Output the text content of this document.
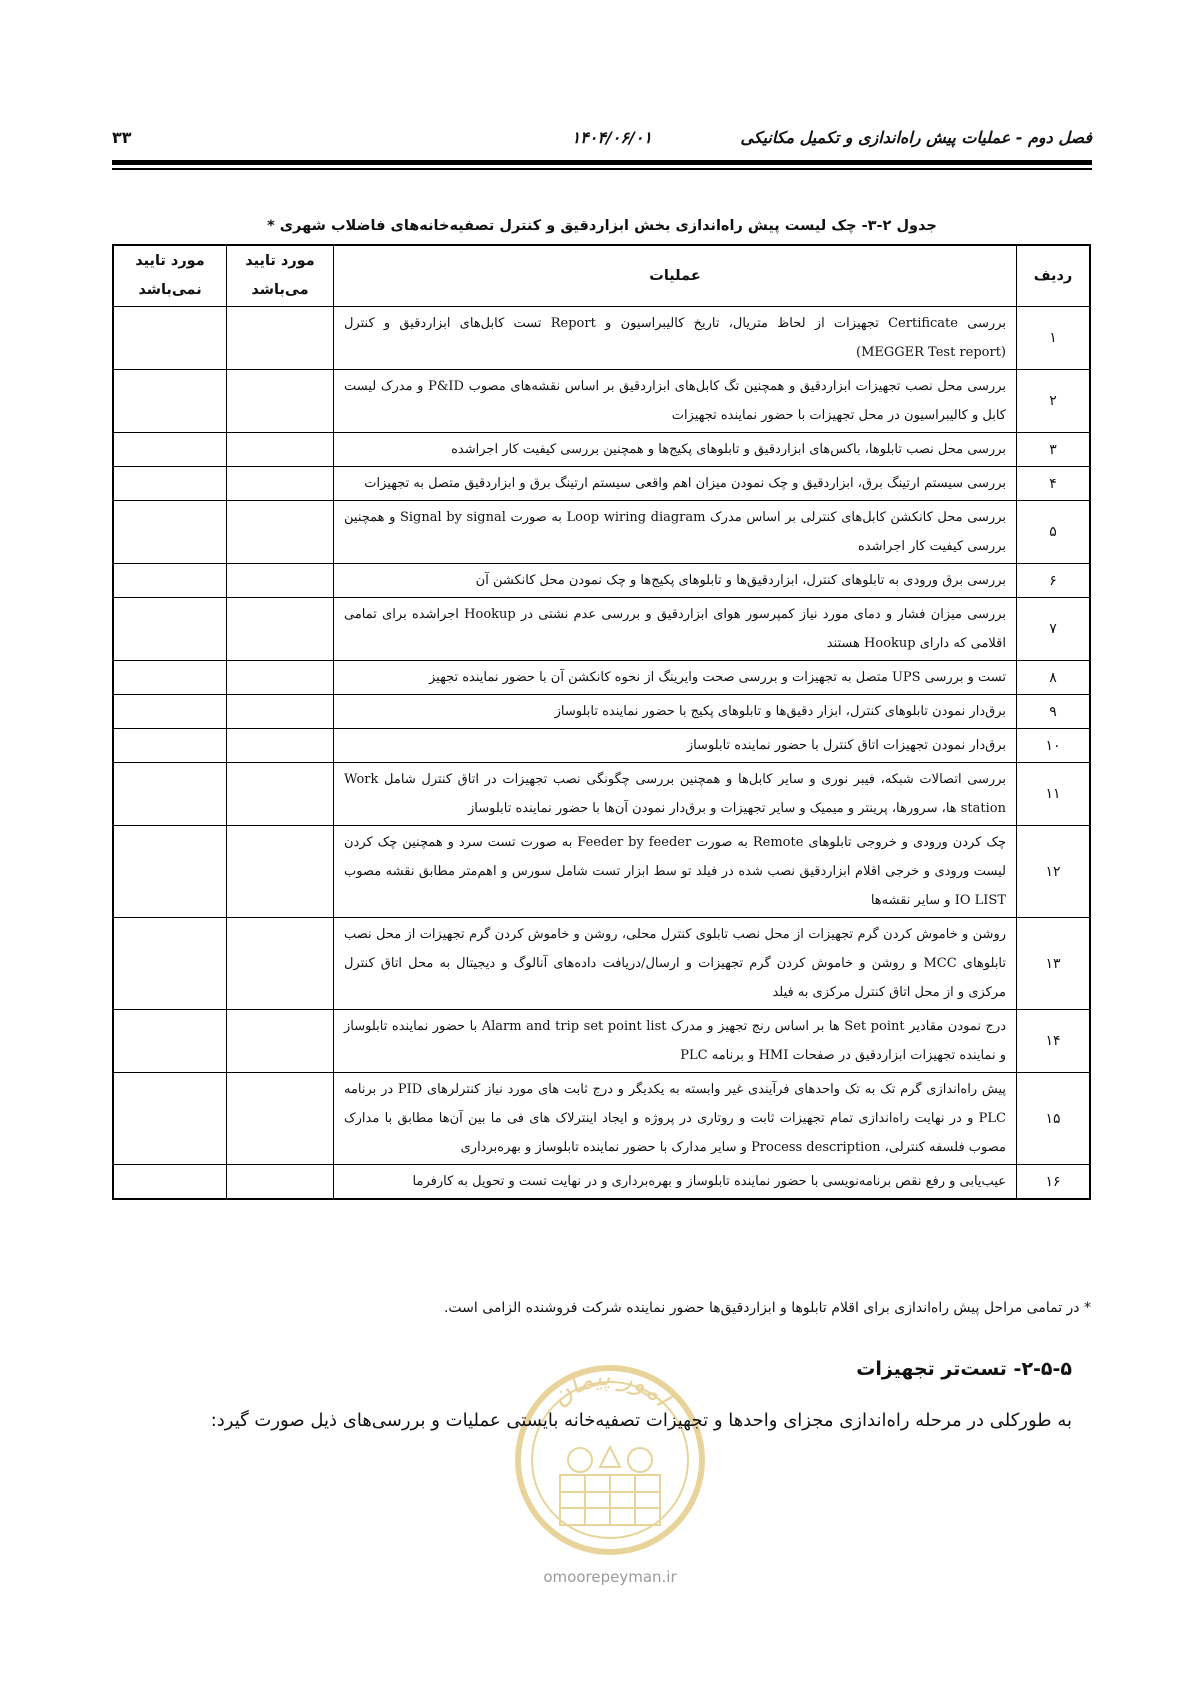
فصل دوم - عملیات پیش راه‌اندازی و تکمیل مکانیکی
۱۴۰۴/۰۶/۰۱
۳۳
جدول ۲-۳- چک لیست پیش راه‌اندازی بخش ابزاردقیق و کنترل تصفیه‌خانه‌های فاضلاب شهری *
ردیف	عملیات	مورد تایید می‌باشد	مورد تایید نمی‌باشد
۱	بررسی Certificate تجهیزات از لحاظ متریال، تاریخ کالیبراسیون و Report تست کابل‌های ابزاردقیق و کنترل (MEGGER Test report)		
۲	بررسی محل نصب تجهیزات ابزاردقیق و همچنین تگ کابل‌های ابزاردقیق بر اساس نقشه‌های مصوب P&ID و مدرک لیست کابل و کالیبراسیون در محل تجهیزات با حضور نماینده تجهیزات		
۳	بررسی محل نصب تابلوها، باکس‌های ابزاردقیق و تابلوهای پکیج‌ها و همچنین بررسی کیفیت کار اجراشده		
۴	بررسی سیستم ارتینگ برق، ابزاردقیق و چک نمودن میزان اهم واقعی سیستم ارتینگ برق و ابزاردقیق متصل به تجهیزات		
۵	بررسی محل کانکشن کابل‌های کنترلی بر اساس مدرک Loop wiring diagram به صورت Signal by signal و همچنین بررسی کیفیت کار اجراشده		
۶	بررسی برق ورودی به تابلوهای کنترل، ابزاردقیق‌ها و تابلوهای پکیج‌ها و چک نمودن محل کانکشن آن		
۷	بررسی میزان فشار و دمای مورد نیاز کمپرسور هوای ابزاردقیق و بررسی عدم نشتی در Hookup اجراشده برای تمامی اقلامی که دارای Hookup هستند		
۸	تست و بررسی UPS متصل به تجهیزات و بررسی صحت وایرینگ از نحوه کانکشن آن با حضور نماینده تجهیز		
۹	برق‌دار نمودن تابلوهای کنترل، ابزار دقیق‌ها و تابلوهای پکیج با حضور نماینده تابلوساز		
۱۰	برق‌دار نمودن تجهیزات اتاق کنترل با حضور نماینده تابلوساز		
۱۱	بررسی اتصالات شبکه، فیبر نوری و سایر کابل‌ها و همچنین بررسی چگونگی نصب تجهیزات در اتاق کنترل شامل Work station ها، سرورها، پرینتر و میمیک و سایر تجهیزات و برق‌دار نمودن آن‌ها با حضور نماینده تابلوساز		
۱۲	چک کردن ورودی و خروجی تابلوهای Remote به صورت Feeder by feeder به صورت تست سرد و همچنین چک کردن لیست ورودی و خرجی اقلام ابزاردقیق نصب شده در فیلد تو سط ابزار تست شامل سورس و اهم‌متر مطابق نقشه مصوب IO LIST و سایر نقشه‌ها		
۱۳	روشن و خاموش کردن گرم تجهیزات از محل نصب تابلوی کنترل محلی، روشن و خاموش کردن گرم تجهیزات از محل نصب تابلوهای MCC و روشن و خاموش کردن گرم تجهیزات و ارسال/دریافت داده‌های آنالوگ و دیجیتال به محل اتاق کنترل مرکزی و از محل اتاق کنترل مرکزی به فیلد		
۱۴	درج نمودن مقادیر Set point ها بر اساس رنج تجهیز و مدرک Alarm and trip set point list با حضور نماینده تابلوساز و نماینده تجهیزات ابزاردقیق در صفحات HMI و برنامه PLC		
۱۵	پیش راه‌اندازی گرم تک به تک واحدهای فرآیندی غیر وابسته به یکدیگر و درج ثابت های مورد نیاز کنترلرهای PID در برنامه PLC و در نهایت راه‌اندازی تمام تجهیزات ثابت و روتاری در پروژه و ایجاد اینترلاک های فی ما بین آن‌ها مطابق با مدارک مصوب فلسفه کنترلی، Process description و سایر مدارک با حضور نماینده تابلوساز و بهره‌برداری		
۱۶	عیب‌یابی و رفع نقص برنامه‌نویسی با حضور نماینده تابلوساز و بهره‌برداری و در نهایت تست و تحویل به کارفرما		
* در تمامی مراحل پیش راه‌اندازی برای اقلام تابلوها و ابزاردقیق‌ها حضور نماینده شرکت فروشنده الزامی است.
امور پیمان
omoorepeyman.ir
۲-۵-۵- تست‌تر تجهیزات
به طورکلی در مرحله راه‌اندازی مجزای واحدها و تجهیزات تصفیه‌خانه بایستی عملیات و بررسی‌های ذیل صورت گیرد:
